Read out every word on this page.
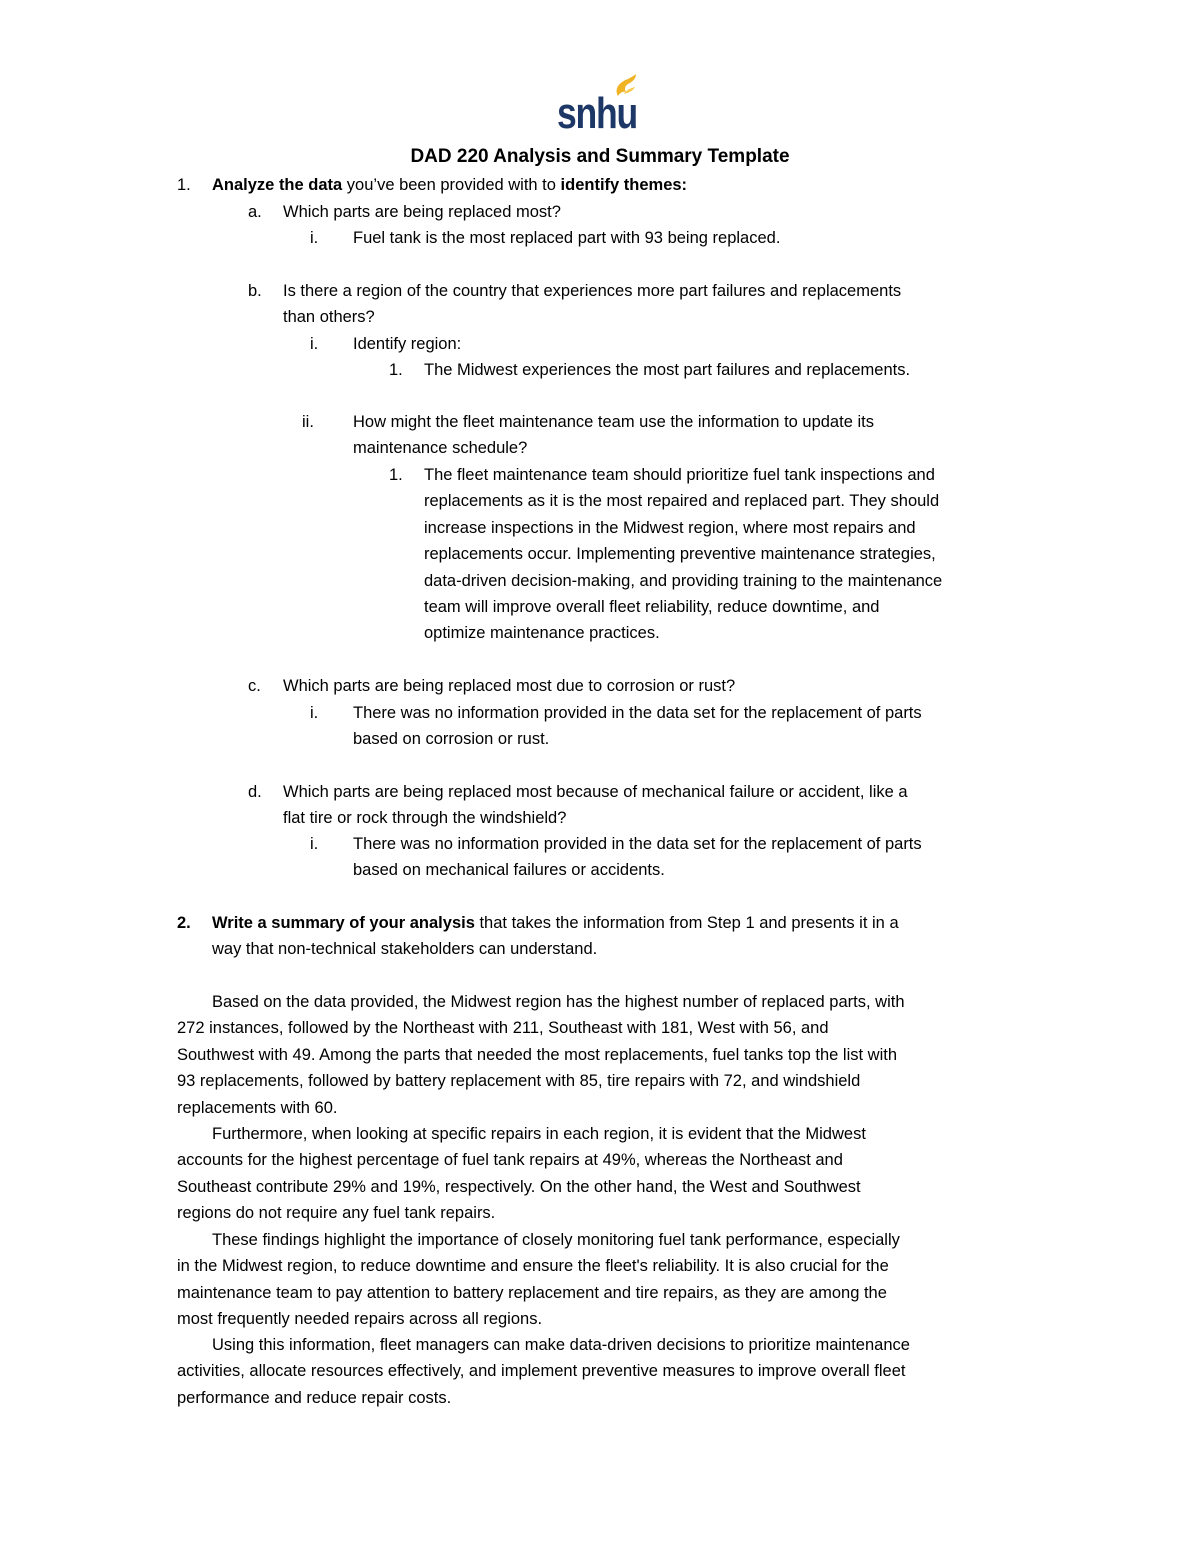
snhu
DAD 220 Analysis and Summary Template
1. Analyze the data you’ve been provided with to identify themes:
a. Which parts are being replaced most?
i. Fuel tank is the most replaced part with 93 being replaced.
b. Is there a region of the country that experiences more part failures and replacements

than others?

i. Identify region:
1. The Midwest experiences the most part failures and replacements.
ii. How might the fleet maintenance team use the information to update its

maintenance schedule?

1. The fleet maintenance team should prioritize fuel tank inspections and

replacements as it is the most repaired and replaced part. They should

increase inspections in the Midwest region, where most repairs and

replacements occur. Implementing preventive maintenance strategies,

data-driven decision-making, and providing training to the maintenance

team will improve overall fleet reliability, reduce downtime, and

optimize maintenance practices.

c. Which parts are being replaced most due to corrosion or rust?
i. There was no information provided in the data set for the replacement of parts

based on corrosion or rust.

d. Which parts are being replaced most because of mechanical failure or accident, like a

flat tire or rock through the windshield?

i. There was no information provided in the data set for the replacement of parts

based on mechanical failures or accidents.

2. Write a summary of your analysis that takes the information from Step 1 and presents it in a

way that non-technical stakeholders can understand.

Based on the data provided, the Midwest region has the highest number of replaced parts, with

272 instances, followed by the Northeast with 211, Southeast with 181, West with 56, and

Southwest with 49. Among the parts that needed the most replacements, fuel tanks top the list with

93 replacements, followed by battery replacement with 85, tire repairs with 72, and windshield

replacements with 60.

Furthermore, when looking at specific repairs in each region, it is evident that the Midwest

accounts for the highest percentage of fuel tank repairs at 49%, whereas the Northeast and

Southeast contribute 29% and 19%, respectively. On the other hand, the West and Southwest

regions do not require any fuel tank repairs.

These findings highlight the importance of closely monitoring fuel tank performance, especially

in the Midwest region, to reduce downtime and ensure the fleet's reliability. It is also crucial for the

maintenance team to pay attention to battery replacement and tire repairs, as they are among the

most frequently needed repairs across all regions.

Using this information, fleet managers can make data-driven decisions to prioritize maintenance

activities, allocate resources effectively, and implement preventive measures to improve overall fleet

performance and reduce repair costs.
